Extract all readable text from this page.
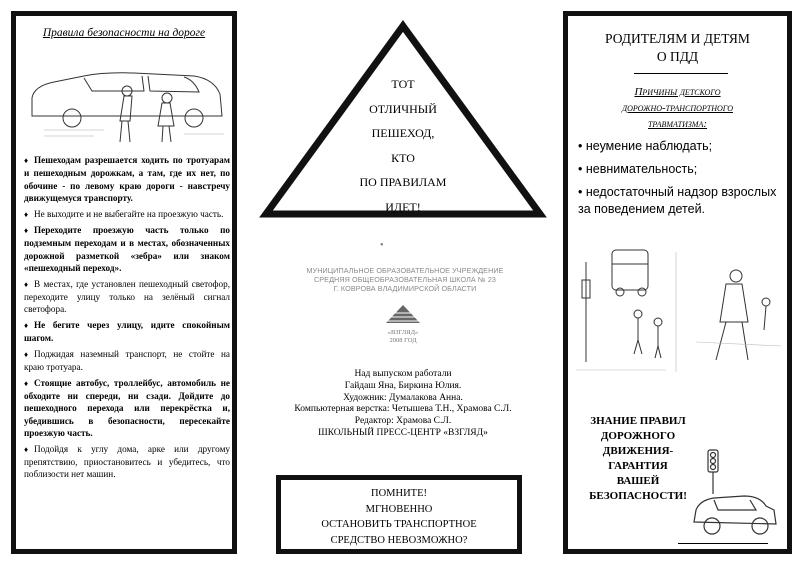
Правила безопасности на дороге
♦ Пешеходам разрешается ходить по тротуарам и пешеходным дорожкам, а там, где их нет, по обочине - по левому краю дороги - навстречу движущемуся транспорту.
♦ Не выходите и не выбегайте на проезжую часть.
♦ Переходите проезжую часть только по подземным переходам и в местах, обозначенных дорожной разметкой «зебра» или знаком «пешеходный переход».
♦ В местах, где установлен пешеходный светофор, переходите улицу только на зелёный сигнал светофора.
♦ Не бегите через улицу, идите спокойным шагом.
♦ Поджидая наземный транспорт, не стойте на краю тротуара.
♦ Стоящие автобус, троллейбус, автомобиль не обходите ни спереди, ни сзади. Дойдите до пешеходного перехода или перекрёстка и, убедившись в безопасности, пересекайте проезжую часть.
♦ Подойдя к углу дома, арке или другому препятствию, приостановитесь и убедитесь, что поблизости нет машин.
ТОТ
ОТЛИЧНЫЙ
ПЕШЕХОД,
КТО
ПО ПРАВИЛАМ
ИДЕТ!
•
МУНИЦИПАЛЬНОЕ ОБРАЗОВАТЕЛЬНОЕ УЧРЕЖДЕНИЕ
СРЕДНЯЯ ОБЩЕОБРАЗОВАТЕЛЬНАЯ ШКОЛА № 23
Г. КОВРОВА ВЛАДИМИРСКОЙ ОБЛАСТИ
«ВЗГЛЯД»
2008 ГОД
Над выпуском работали
Гайдаш Яна, Биркина Юлия.
Художник: Думалакова Анна.
Компьютерная верстка: Четышева Т.Н., Храмова С.Л.
Редактор: Храмова С.Л.
ШКОЛЬНЫЙ ПРЕСС-ЦЕНТР «ВЗГЛЯД»
ПОМНИТЕ!
МГНОВЕННО
ОСТАНОВИТЬ ТРАНСПОРТНОЕ
СРЕДСТВО НЕВОЗМОЖНО?
РОДИТЕЛЯМ И ДЕТЯМ
О ПДД
Причины детского
дорожно-транспортного
травматизма:
• неумение наблюдать;
• невнимательность;
• недостаточный надзор взрослых за поведением детей.
ЗНАНИЕ ПРАВИЛ
ДОРОЖНОГО
ДВИЖЕНИЯ-
ГАРАНТИЯ
ВАШЕЙ
БЕЗОПАСНОСТИ!
